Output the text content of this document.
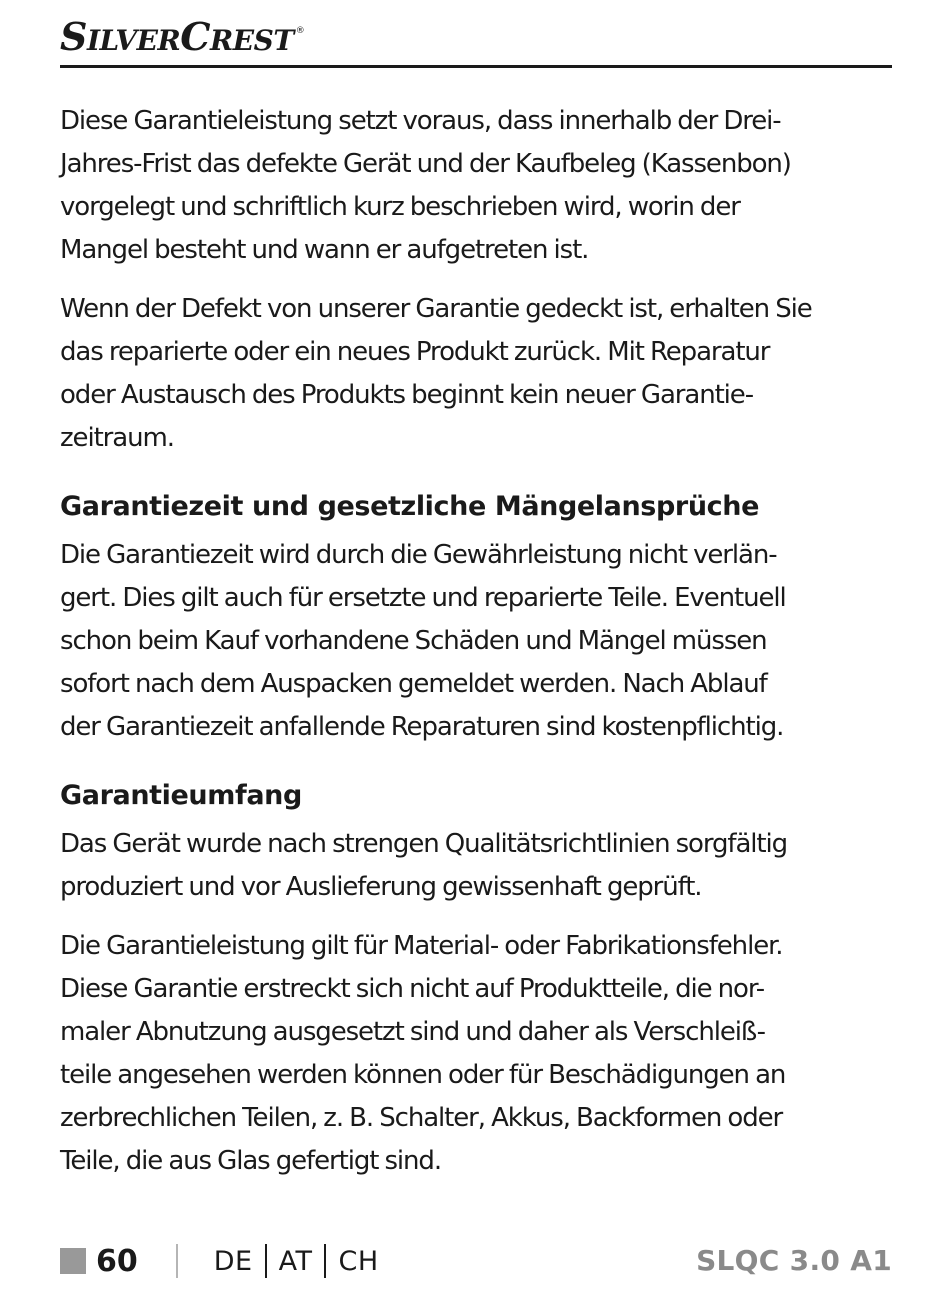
S ILVER C REST ®

Diese Garantieleistung setzt voraus, dass innerhalb der Drei-
Jahres-Frist das defekte Gerät und der Kaufbeleg (Kassenbon)
vorgelegt und schriftlich kurz beschrieben wird, worin der
Mangel besteht und wann er aufgetreten ist.

Wenn der Defekt von unserer Garantie gedeckt ist, erhalten Sie
das reparierte oder ein neues Produkt zurück. Mit Reparatur
oder Austausch des Produkts beginnt kein neuer Garantie-
zeitraum.

Garantiezeit und gesetzliche Mängelansprüche

Die Garantiezeit wird durch die Gewährleistung nicht verlän-
gert. Dies gilt auch für ersetzte und reparierte Teile. Eventuell
schon beim Kauf vorhandene Schäden und Mängel müssen
sofort nach dem Auspacken gemeldet werden. Nach Ablauf
der Garantiezeit anfallende Reparaturen sind kostenpflichtig.

Garantieumfang

Das Gerät wurde nach strengen Qualitätsrichtlinien sorgfältig
produziert und vor Auslieferung gewissenhaft geprüft.

Die Garantieleistung gilt für Material- oder Fabrikationsfehler.
Diese Garantie erstreckt sich nicht auf Produktteile, die nor-
maler Abnutzung ausgesetzt sind und daher als Verschleiß-
teile angesehen werden können oder für Beschädigungen an
zerbrechlichen Teilen, z. B. Schalter, Akkus, Backformen oder
Teile, die aus Glas gefertigt sind.

60	DE AT CH	SLQC 3.0 A1
